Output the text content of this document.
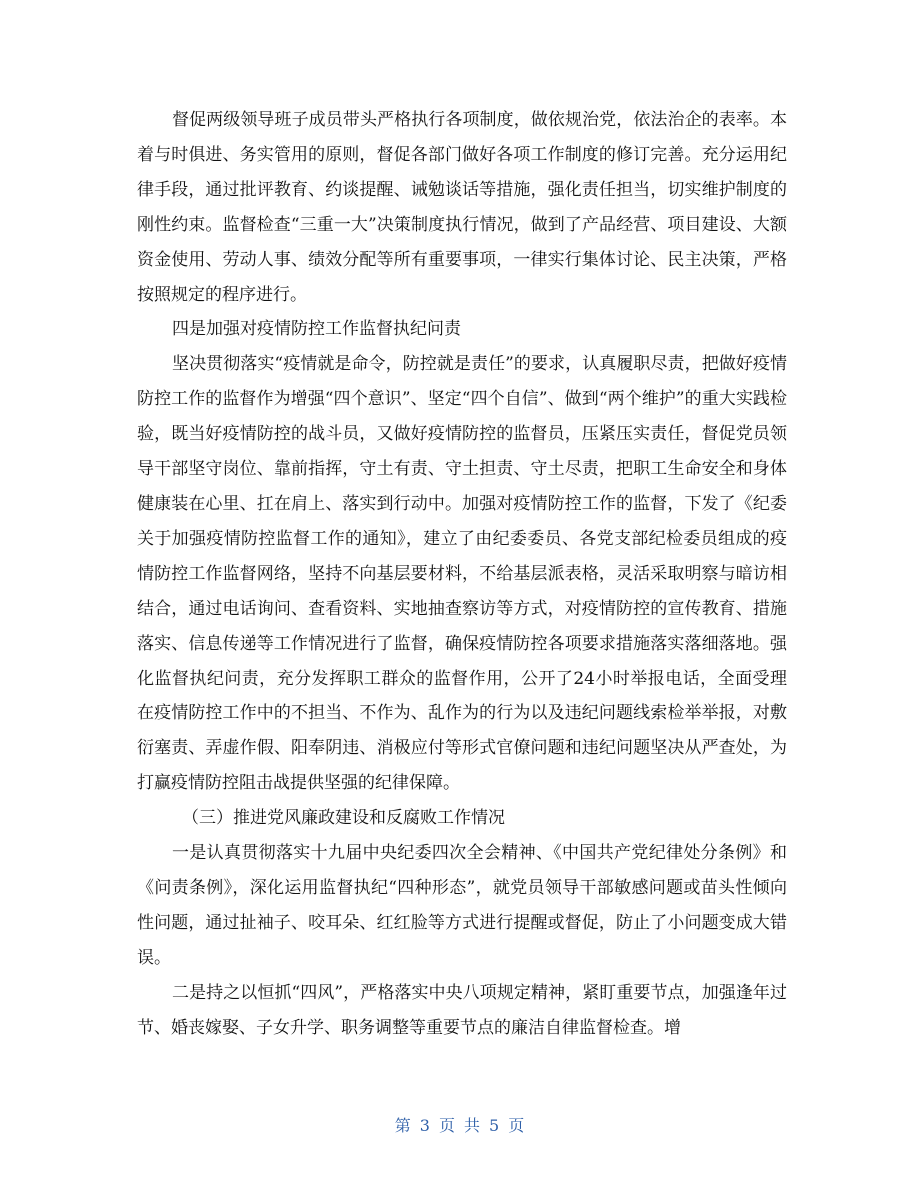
督促两级领导班子成员带头严格执行各项制度，做依规治党，依法治企的表率。本着与时俱进、务实管用的原则，督促各部门做好各项工作制度的修订完善。充分运用纪律手段，通过批评教育、约谈提醒、诫勉谈话等措施，强化责任担当，切实维护制度的刚性约束。监督检查“三重一大”决策制度执行情况，做到了产品经营、项目建设、大额资金使用、劳动人事、绩效分配等所有重要事项，一律实行集体讨论、民主决策，严格按照规定的程序进行。

四是加强对疫情防控工作监督执纪问责

坚决贯彻落实“疫情就是命令，防控就是责任”的要求，认真履职尽责，把做好疫情防控工作的监督作为增强“四个意识”、坚定“四个自信”、做到“两个维护”的重大实践检验，既当好疫情防控的战斗员，又做好疫情防控的监督员，压紧压实责任，督促党员领导干部坚守岗位、靠前指挥，守土有责、守土担责、守土尽责，把职工生命安全和身体健康装在心里、扛在肩上、落实到行动中。加强对疫情防控工作的监督，下发了《纪委关于加强疫情防控监督工作的通知》，建立了由纪委委员、各党支部纪检委员组成的疫情防控工作监督网络，坚持不向基层要材料，不给基层派表格，灵活采取明察与暗访相结合，通过电话询问、查看资料、实地抽查察访等方式，对疫情防控的宣传教育、措施落实、信息传递等工作情况进行了监督，确保疫情防控各项要求措施落实落细落地。强化监督执纪问责，充分发挥职工群众的监督作用，公开了24小时举报电话，全面受理在疫情防控工作中的不担当、不作为、乱作为的行为以及违纪问题线索检举举报，对敷衍塞责、弄虚作假、阳奉阴违、消极应付等形式官僚问题和违纪问题坚决从严查处，为打赢疫情防控阻击战提供坚强的纪律保障。

（三）推进党风廉政建设和反腐败工作情况

一是认真贯彻落实十九届中央纪委四次全会精神、《中国共产党纪律处分条例》和《问责条例》，深化运用监督执纪“四种形态”，就党员领导干部敏感问题或苗头性倾向性问题，通过扯袖子、咬耳朵、红红脸等方式进行提醒或督促，防止了小问题变成大错误。

二是持之以恒抓“四风”，严格落实中央八项规定精神，紧盯重要节点，加强逢年过节、婚丧嫁娶、子女升学、职务调整等重要节点的廉洁自律监督检查。增

第 3 页 共 5 页
